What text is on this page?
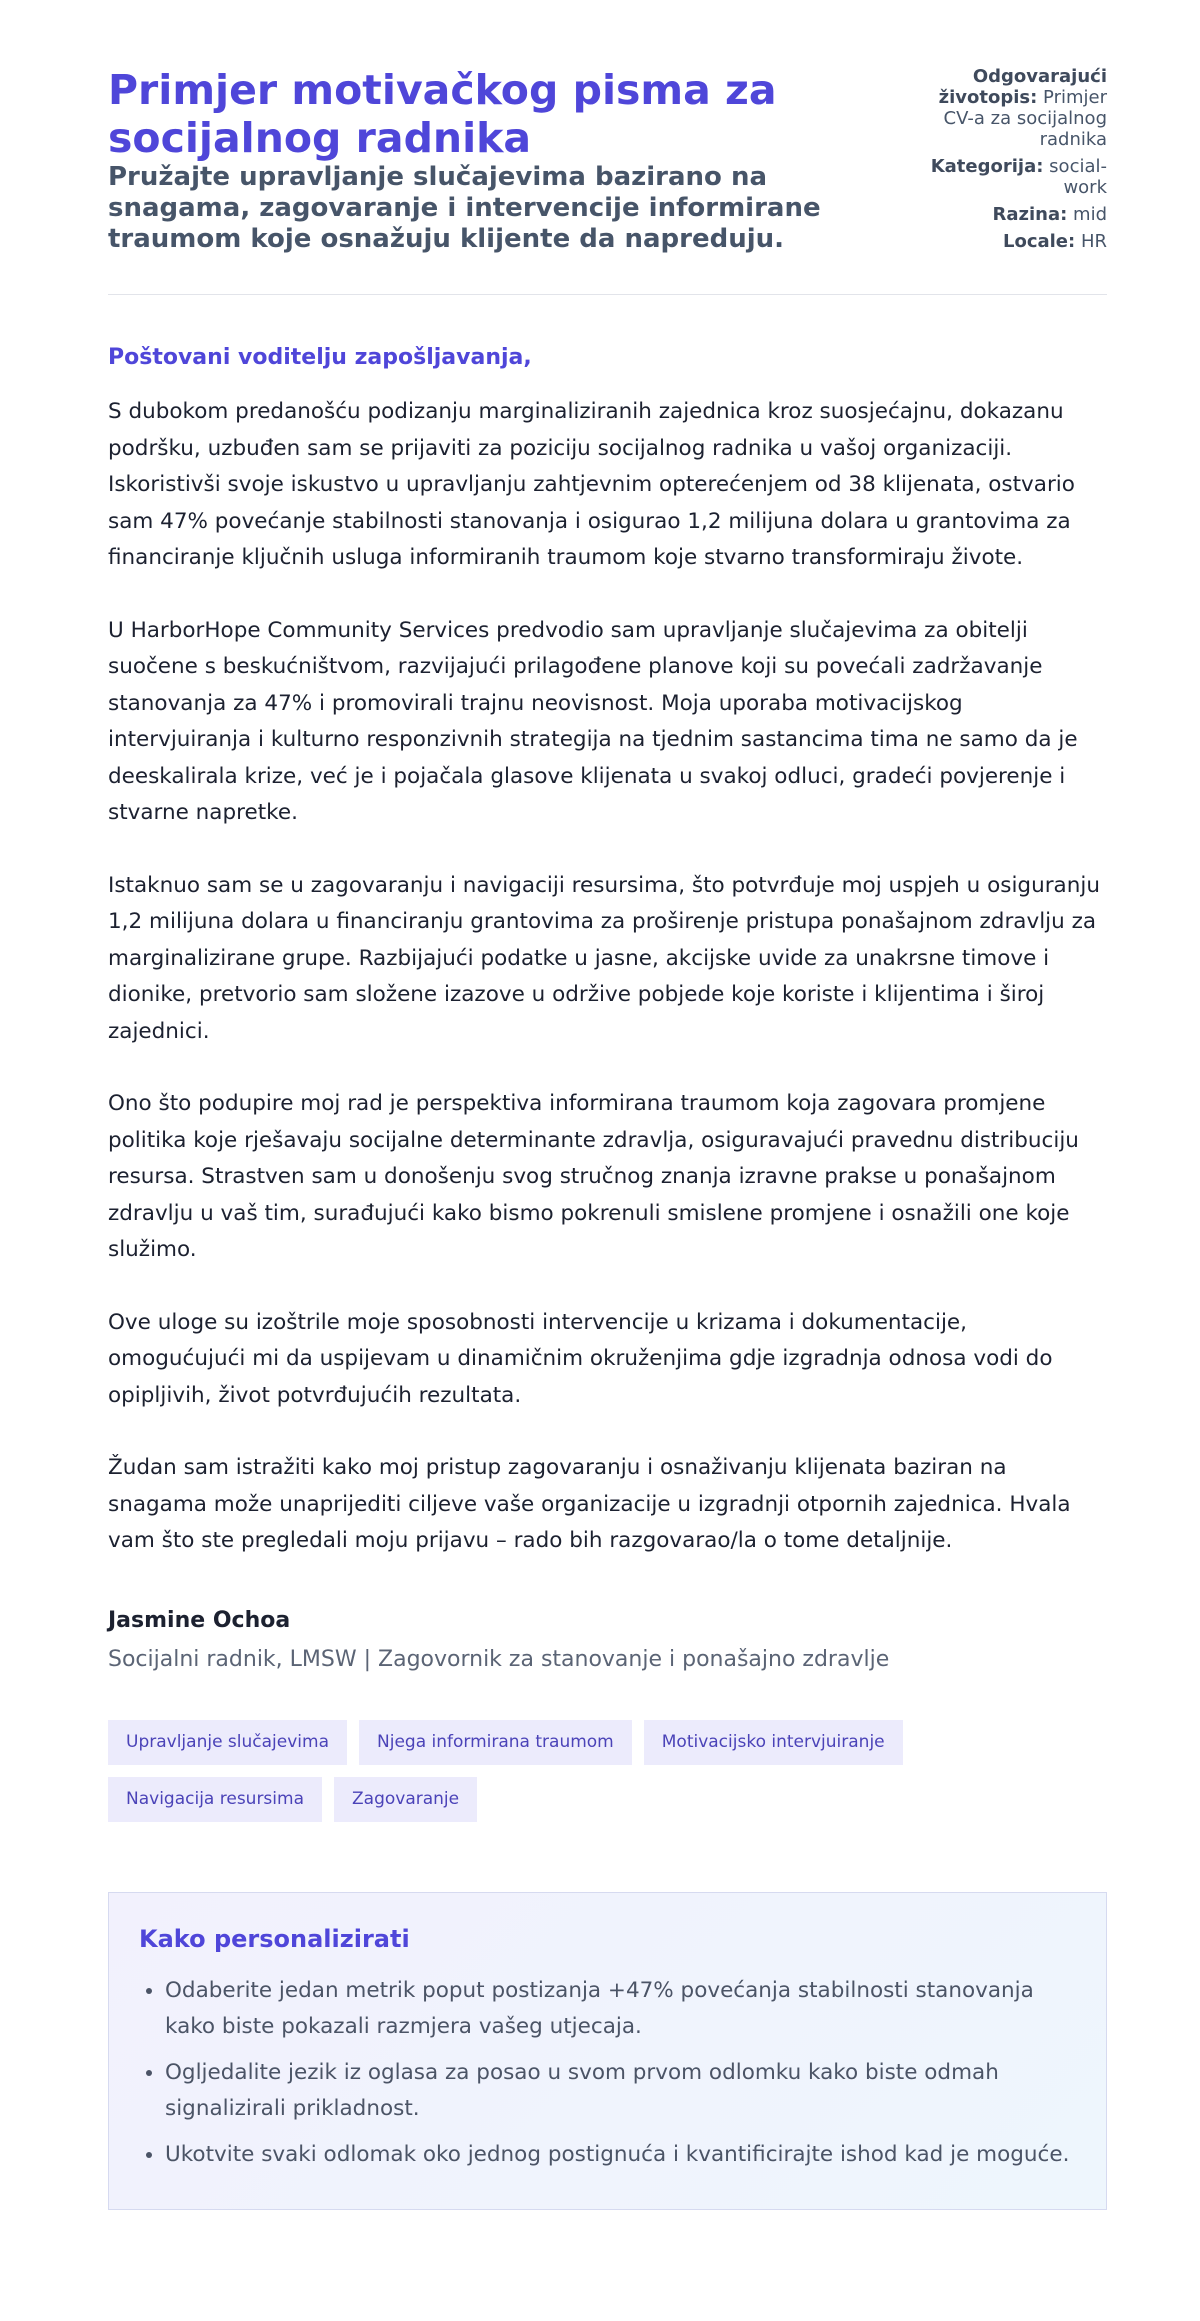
Primjer motivačkog pisma za socijalnog radnika

Pružajte upravljanje slučajevima bazirano na snagama, zagovaranje i intervencije informirane traumom koje osnažuju klijente da napreduju.

Odgovarajući životopis: Primjer CV-a za socijalnog radnika
Kategorija: social-work
Razina: mid
Locale: HR
Poštovani voditelju zapošljavanja,

S dubokom predanošću podizanju marginaliziranih zajednica kroz suosjećajnu, dokazanu podršku, uzbuđen sam se prijaviti za poziciju socijalnog radnika u vašoj organizaciji. Iskoristivši svoje iskustvo u upravljanju zahtjevnim opterećenjem od 38 klijenata, ostvario sam 47% povećanje stabilnosti stanovanja i osigurao 1,2 milijuna dolara u grantovima za financiranje ključnih usluga informiranih traumom koje stvarno transformiraju živote.

U HarborHope Community Services predvodio sam upravljanje slučajevima za obitelji suočene s beskućništvom, razvijajući prilagođene planove koji su povećali zadržavanje stanovanja za 47% i promovirali trajnu neovisnost. Moja uporaba motivacijskog intervjuiranja i kulturno responzivnih strategija na tjednim sastancima tima ne samo da je deeskalirala krize, već je i pojačala glasove klijenata u svakoj odluci, gradeći povjerenje i stvarne napretke.

Istaknuo sam se u zagovaranju i navigaciji resursima, što potvrđuje moj uspjeh u osiguranju 1,2 milijuna dolara u financiranju grantovima za proširenje pristupa ponašajnom zdravlju za marginalizirane grupe. Razbijajući podatke u jasne, akcijske uvide za unakrsne timove i dionike, pretvorio sam složene izazove u održive pobjede koje koriste i klijentima i široj zajednici.

Ono što podupire moj rad je perspektiva informirana traumom koja zagovara promjene politika koje rješavaju socijalne determinante zdravlja, osiguravajući pravednu distribuciju resursa. Strastven sam u donošenju svog stručnog znanja izravne prakse u ponašajnom zdravlju u vaš tim, surađujući kako bismo pokrenuli smislene promjene i osnažili one koje služimo.

Ove uloge su izoštrile moje sposobnosti intervencije u krizama i dokumentacije, omogućujući mi da uspijevam u dinamičnim okruženjima gdje izgradnja odnosa vodi do opipljivih, život potvrđujućih rezultata.

Žudan sam istražiti kako moj pristup zagovaranju i osnaživanju klijenata baziran na snagama može unaprijediti ciljeve vaše organizacije u izgradnji otpornih zajednica. Hvala vam što ste pregledali moju prijavu – rado bih razgovarao/la o tome detaljnije.

Jasmine Ochoa
Socijalni radnik, LMSW | Zagovornik za stanovanje i ponašajno zdravlje
Upravljanje slučajevima	Njega informirana traumom	Motivacijsko intervjuiranje
Navigacija resursima	Zagovaranje
Kako personalizirati
• Odaberite jedan metrik poput postizanja +47% povećanja stabilnosti stanovanja kako biste pokazali razmjera vašeg utjecaja.
• Ogljedalite jezik iz oglasa za posao u svom prvom odlomku kako biste odmah signalizirali prikladnost.
• Ukotvite svaki odlomak oko jednog postignuća i kvantificirajte ishod kad je moguće.
